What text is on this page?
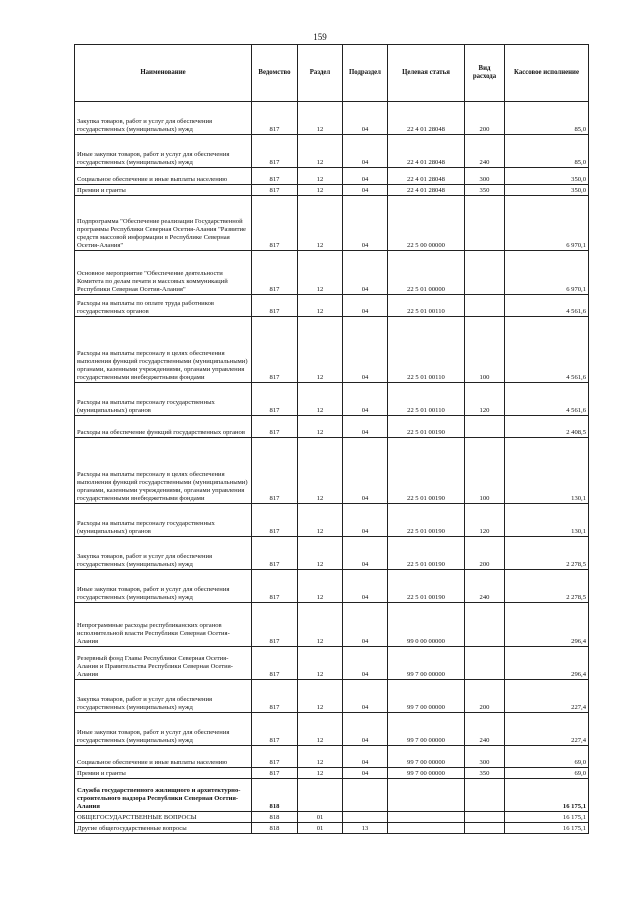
159
Наименование	Ведомство	Раздел	Подраздел	Целевая статья	Вид расхода	Кассовое исполнение
Закупка товаров, работ и услуг для обеспечения государственных (муниципальных) нужд	817	12	04	22 4 01 28048	200	85,0
Иные закупки товаров, работ и услуг для обеспечения государственных (муниципальных) нужд	817	12	04	22 4 01 28048	240	85,0
Социальное обеспечение и иные выплаты населению	817	12	04	22 4 01 28048	300	350,0
Премии и гранты	817	12	04	22 4 01 28048	350	350,0
Подпрограмма "Обеспечение реализации Государственной программы Республики Северная Осетия-Алания "Развитие средств массовой информации в Республике Северная Осетия-Алания"	817	12	04	22 5 00 00000		6 970,1
Основное мероприятие "Обеспечение деятельности Комитета по делам печати и массовых коммуникаций Республики Северная Осетия-Алания"	817	12	04	22 5 01 00000		6 970,1
Расходы на выплаты по оплате труда работников государственных органов	817	12	04	22 5 01 00110		4 561,6
Расходы на выплаты персоналу в целях обеспечения выполнения функций государственными (муниципальными) органами, казенными учреждениями, органами управления государственными внебюджетными фондами	817	12	04	22 5 01 00110	100	4 561,6
Расходы на выплаты персоналу государственных (муниципальных) органов	817	12	04	22 5 01 00110	120	4 561,6
Расходы на обеспечение функций государственных органов	817	12	04	22 5 01 00190		2 408,5
Расходы на выплаты персоналу в целях обеспечения выполнения функций государственными (муниципальными) органами, казенными учреждениями, органами управления государственными внебюджетными фондами	817	12	04	22 5 01 00190	100	130,1
Расходы на выплаты персоналу государственных (муниципальных) органов	817	12	04	22 5 01 00190	120	130,1
Закупка товаров, работ и услуг для обеспечения государственных (муниципальных) нужд	817	12	04	22 5 01 00190	200	2 278,5
Иные закупки товаров, работ и услуг для обеспечения государственных (муниципальных) нужд	817	12	04	22 5 01 00190	240	2 278,5
Непрограммные расходы республиканских органов исполнительной власти Республики Северная Осетия-Алания	817	12	04	99 0 00 00000		296,4
Резервный фонд Главы Республики Северная Осетия-Алания и Правительства Республики Северная Осетия-Алания	817	12	04	99 7 00 00000		296,4
Закупка товаров, работ и услуг для обеспечения государственных (муниципальных) нужд	817	12	04	99 7 00 00000	200	227,4
Иные закупки товаров, работ и услуг для обеспечения государственных (муниципальных) нужд	817	12	04	99 7 00 00000	240	227,4
Социальное обеспечение и иные выплаты населению	817	12	04	99 7 00 00000	300	69,0
Премии и гранты	817	12	04	99 7 00 00000	350	69,0
Служба государственного жилищного и архитектурно-строительного надзора Республики Северная Осетия-Алания	818					16 175,1
ОБЩЕГОСУДАРСТВЕННЫЕ ВОПРОСЫ	818	01				16 175,1
Другие общегосударственные вопросы	818	01	13			16 175,1
